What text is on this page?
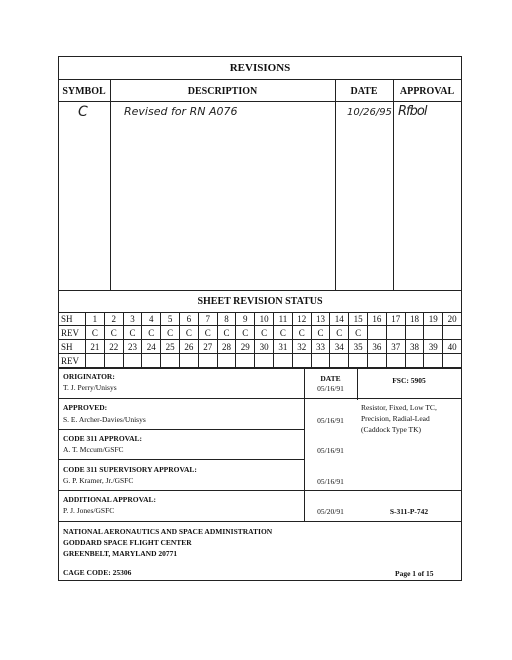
REVISIONS
SYMBOL	DESCRIPTION	DATE	APPROVAL
C	Revised for RN A076	10/26/95 Rfbol
SHEET REVISION STATUS
SH	1	2	3	4	5	6	7	8	9	10	11	12	13	14	15	16	17	18	19	20
REV	C	C	C	C	C	C	C	C	C	C	C	C	C	C	C
SH	21	22	23	24	25	26	27	28	29	30	31	32	33	34	35	36	37	38	39	40
REV
ORIGINATOR:
T. J. Perry/Unisys
DATE
05/16/91
FSC: 5905
APPROVED:
S. E. Archer-Davies/Unisys	05/16/91
Resistor, Fixed, Low TC, Precision, Radial-Lead (Caddock Type TK)
CODE 311 APPROVAL:
A. T. Mccum/GSFC	05/16/91
CODE 311 SUPERVISORY APPROVAL:
G. P. Kramer, Jr./GSFC	05/16/91
ADDITIONAL APPROVAL:
P. J. Jones/GSFC	05/20/91	S-311-P-742
NATIONAL AERONAUTICS AND SPACE ADMINISTRATION
GODDARD SPACE FLIGHT CENTER
GREENBELT, MARYLAND 20771
CAGE CODE: 25306	Page 1 of 15
